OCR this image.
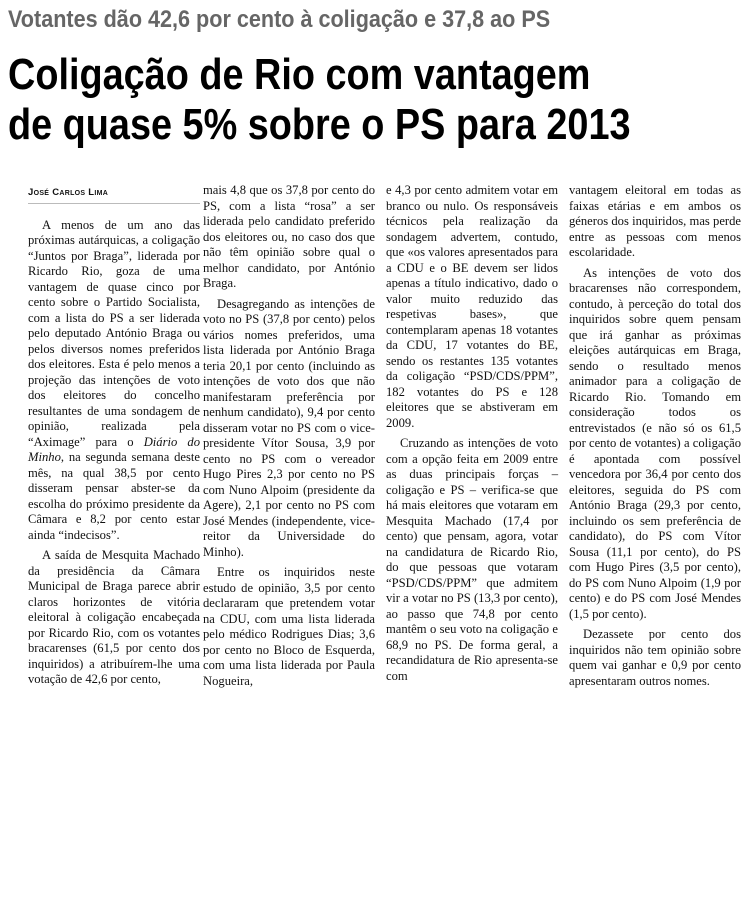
Votantes dão 42,6 por cento à coligação e 37,8 ao PS
Coligação de Rio com vantagem
de quase 5% sobre o PS para 2013
José Carlos Lima

A menos de um ano das próximas autárquicas, a coligação “Juntos por Braga”, liderada por Ricardo Rio, goza de uma vantagem de quase cinco por cento sobre o Partido Socialista, com a lista do PS a ser liderada pelo deputado António Braga ou pelos diversos nomes preferidos dos eleitores. Esta é pelo menos a projeção das intenções de voto dos eleitores do concelho resultantes de uma sondagem de opinião, realizada pela “Aximage” para o Diário do Minho, na segunda semana deste mês, na qual 38,5 por cento disseram pensar abster-se da escolha do próximo presidente da Câmara e 8,2 por cento estar ainda “indecisos”.

A saída de Mesquita Machado da presidência da Câmara Municipal de Braga parece abrir claros horizontes de vitória eleitoral à coligação encabeçada por Ricardo Rio, com os votantes bracarenses (61,5 por cento dos inquiridos) a atribuírem-lhe uma votação de 42,6 por cento,

mais 4,8 que os 37,8 por cento do PS, com a lista “rosa” a ser liderada pelo candidato preferido dos eleitores ou, no caso dos que não têm opinião sobre qual o melhor candidato, por António Braga.

Desagregando as intenções de voto no PS (37,8 por cento) pelos vários nomes preferidos, uma lista liderada por António Braga teria 20,1 por cento (incluindo as intenções de voto dos que não manifestaram preferência por nenhum candidato), 9,4 por cento disseram votar no PS com o vice-presidente Vítor Sousa, 3,9 por cento no PS com o vereador Hugo Pires 2,3 por cento no PS com Nuno Alpoim (presidente da Agere), 2,1 por cento no PS com José Mendes (independente, vice-reitor da Universidade do Minho).

Entre os inquiridos neste estudo de opinião, 3,5 por cento declararam que pretendem votar na CDU, com uma lista liderada pelo médico Rodrigues Dias; 3,6 por cento no Bloco de Esquerda, com uma lista liderada por Paula Nogueira,

e 4,3 por cento admitem votar em branco ou nulo. Os responsáveis técnicos pela realização da sondagem advertem, contudo, que «os valores apresentados para a CDU e o BE devem ser lidos apenas a título indicativo, dado o valor muito reduzido das respetivas bases», que contemplaram apenas 18 votantes da CDU, 17 votantes do BE, sendo os restantes 135 votantes da coligação “PSD/CDS/PPM”, 182 votantes do PS e 128 eleitores que se abstiveram em 2009.

Cruzando as intenções de voto com a opção feita em 2009 entre as duas principais forças – coligação e PS – verifica-se que há mais eleitores que votaram em Mesquita Machado (17,4 por cento) que pensam, agora, votar na candidatura de Ricardo Rio, do que pessoas que votaram “PSD/CDS/PPM” que admitem vir a votar no PS (13,3 por cento), ao passo que 74,8 por cento mantêm o seu voto na coligação e 68,9 no PS. De forma geral, a recandidatura de Rio apresenta-se com

vantagem eleitoral em todas as faixas etárias e em ambos os géneros dos inquiridos, mas perde entre as pessoas com menos escolaridade.

As intenções de voto dos bracarenses não correspondem, contudo, à perceção do total dos inquiridos sobre quem pensam que irá ganhar as próximas eleições autárquicas em Braga, sendo o resultado menos animador para a coligação de Ricardo Rio. Tomando em consideração todos os entrevistados (e não só os 61,5 por cento de votantes) a coligação é apontada com possível vencedora por 36,4 por cento dos eleitores, seguida do PS com António Braga (29,3 por cento, incluindo os sem preferência de candidato), do PS com Vítor Sousa (11,1 por cento), do PS com Hugo Pires (3,5 por cento), do PS com Nuno Alpoim (1,9 por cento) e do PS com José Mendes (1,5 por cento).

Dezassete por cento dos inquiridos não tem opinião sobre quem vai ganhar e 0,9 por cento apresentaram outros nomes.
